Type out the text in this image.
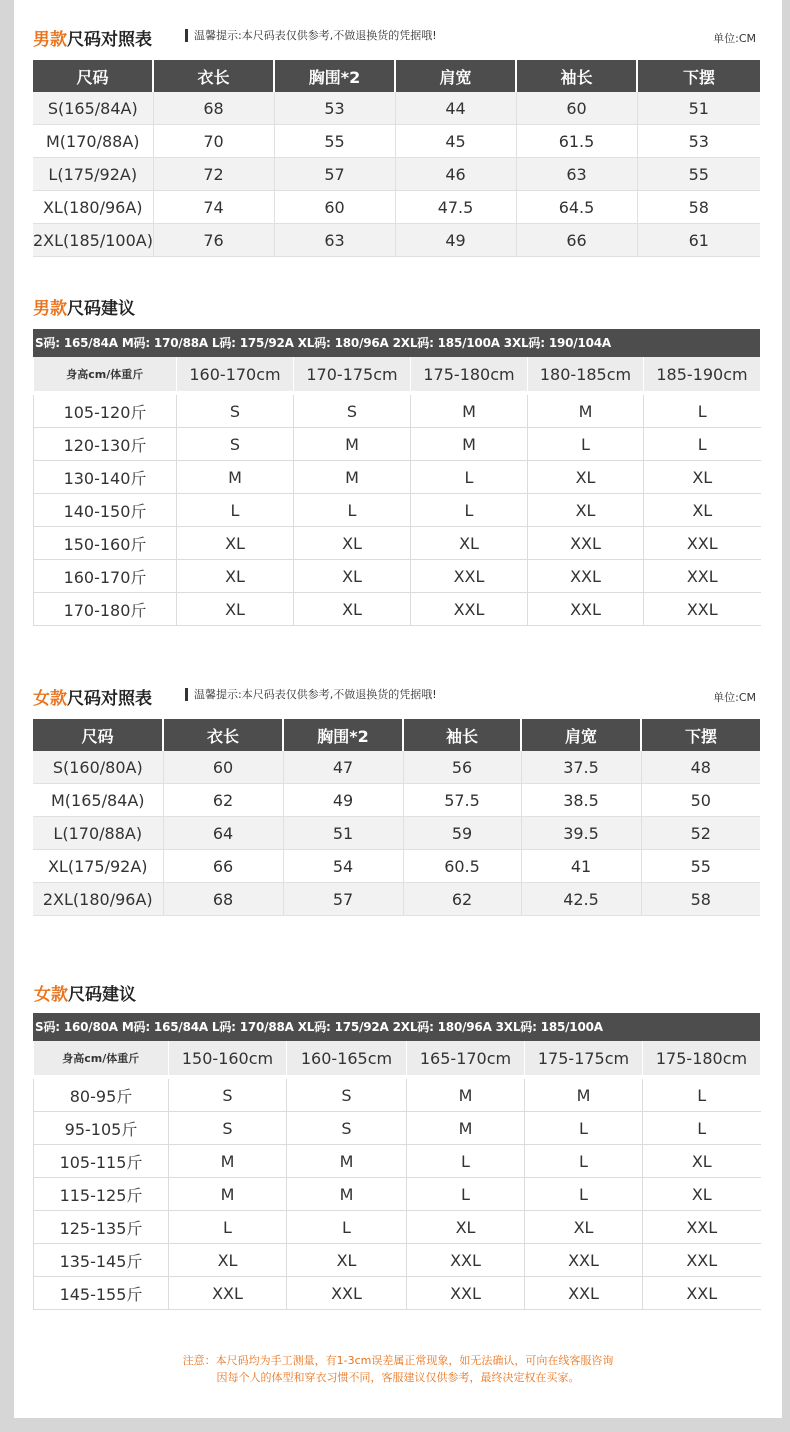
男款尺码对照表	温馨提示:本尺码表仅供参考,不做退换货的凭据哦!	单位:CM
尺码	衣长	胸围*2	肩宽	袖长	下摆
S(165/84A)	68	53	44	60	51
M(170/88A)	70	55	45	61.5	53
L(175/92A)	72	57	46	63	55
XL(180/96A)	74	60	47.5	64.5	58
2XL(185/100A)	76	63	49	66	61
男款尺码建议
S码: 165/84A M码: 170/88A L码: 175/92A XL码: 180/96A 2XL码: 185/100A 3XL码: 190/104A
身高cm/体重斤	160-170cm	170-175cm	175-180cm	180-185cm	185-190cm

105-120斤	S	S	M	M	L
120-130斤	S	M	M	L	L
130-140斤	M	M	L	XL	XL
140-150斤	L	L	L	XL	XL
150-160斤	XL	XL	XL	XXL	XXL
160-170斤	XL	XL	XXL	XXL	XXL
170-180斤	XL	XL	XXL	XXL	XXL
女款尺码对照表	温馨提示:本尺码表仅供参考,不做退换货的凭据哦!	单位:CM
尺码	衣长	胸围*2	袖长	肩宽	下摆
S(160/80A)	60	47	56	37.5	48
M(165/84A)	62	49	57.5	38.5	50
L(170/88A)	64	51	59	39.5	52
XL(175/92A)	66	54	60.5	41	55
2XL(180/96A)	68	57	62	42.5	58
女款尺码建议
S码: 160/80A M码: 165/84A L码: 170/88A XL码: 175/92A 2XL码: 180/96A 3XL码: 185/100A
身高cm/体重斤	150-160cm	160-165cm	165-170cm	175-175cm	175-180cm

80-95斤	S	S	M	M	L
95-105斤	S	S	M	L	L
105-115斤	M	M	L	L	XL
115-125斤	M	M	L	L	XL
125-135斤	L	L	XL	XL	XXL
135-145斤	XL	XL	XXL	XXL	XXL
145-155斤	XXL	XXL	XXL	XXL	XXL
注意：本尺码均为手工测量，有1-3cm误差属正常现象，如无法确认，可向在线客服咨询
因每个人的体型和穿衣习惯不同，客服建议仅供参考，最终决定权在买家。
